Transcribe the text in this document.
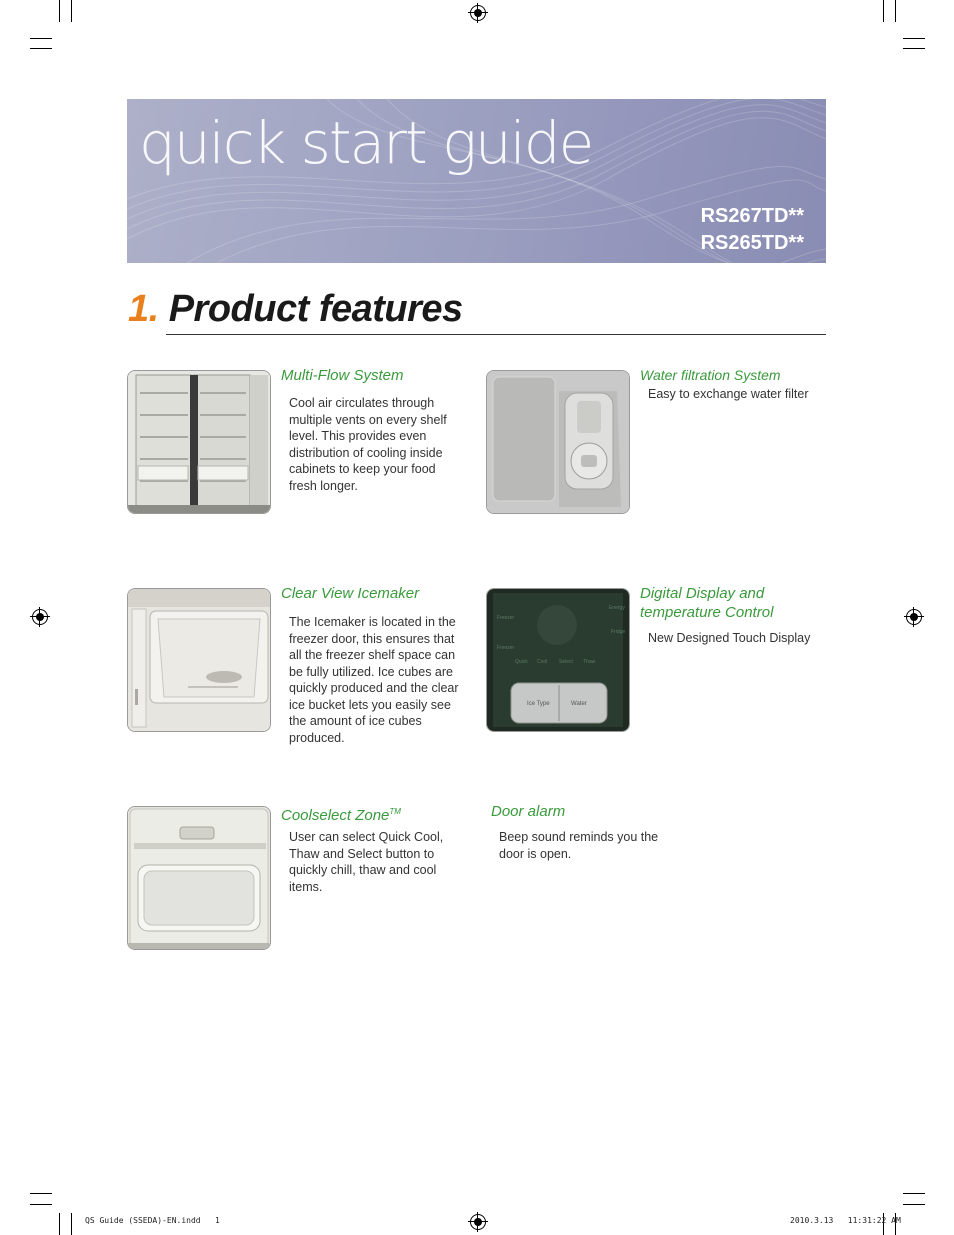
quick start guide
RS267TD**
RS265TD**
1. Product features
Multi-Flow System
Cool air circulates through multiple vents on every shelf level. This provides even distribution of cooling inside cabinets to keep your food fresh longer.
Water filtration System
Easy to exchange water filter
Clear View Icemaker
The Icemaker is located in the freezer door, this ensures that all the freezer shelf space can be fully utilized. Ice cubes are quickly produced and the clear ice bucket lets you easily see the amount of ice cubes produced.
Freezer
Freezer
Energy
Fridge
Quick Cool Select Thaw
Ice Type	Water
Digital Display and
temperature Control
New Designed Touch Display
Coolselect Zone™
User can select Quick Cool, Thaw and Select button to quickly chill, thaw and cool items.
Door alarm
Beep sound reminds you the door is open.
QS Guide (SSEDA)-EN.indd   1	2010.3.13   11:31:22 AM
